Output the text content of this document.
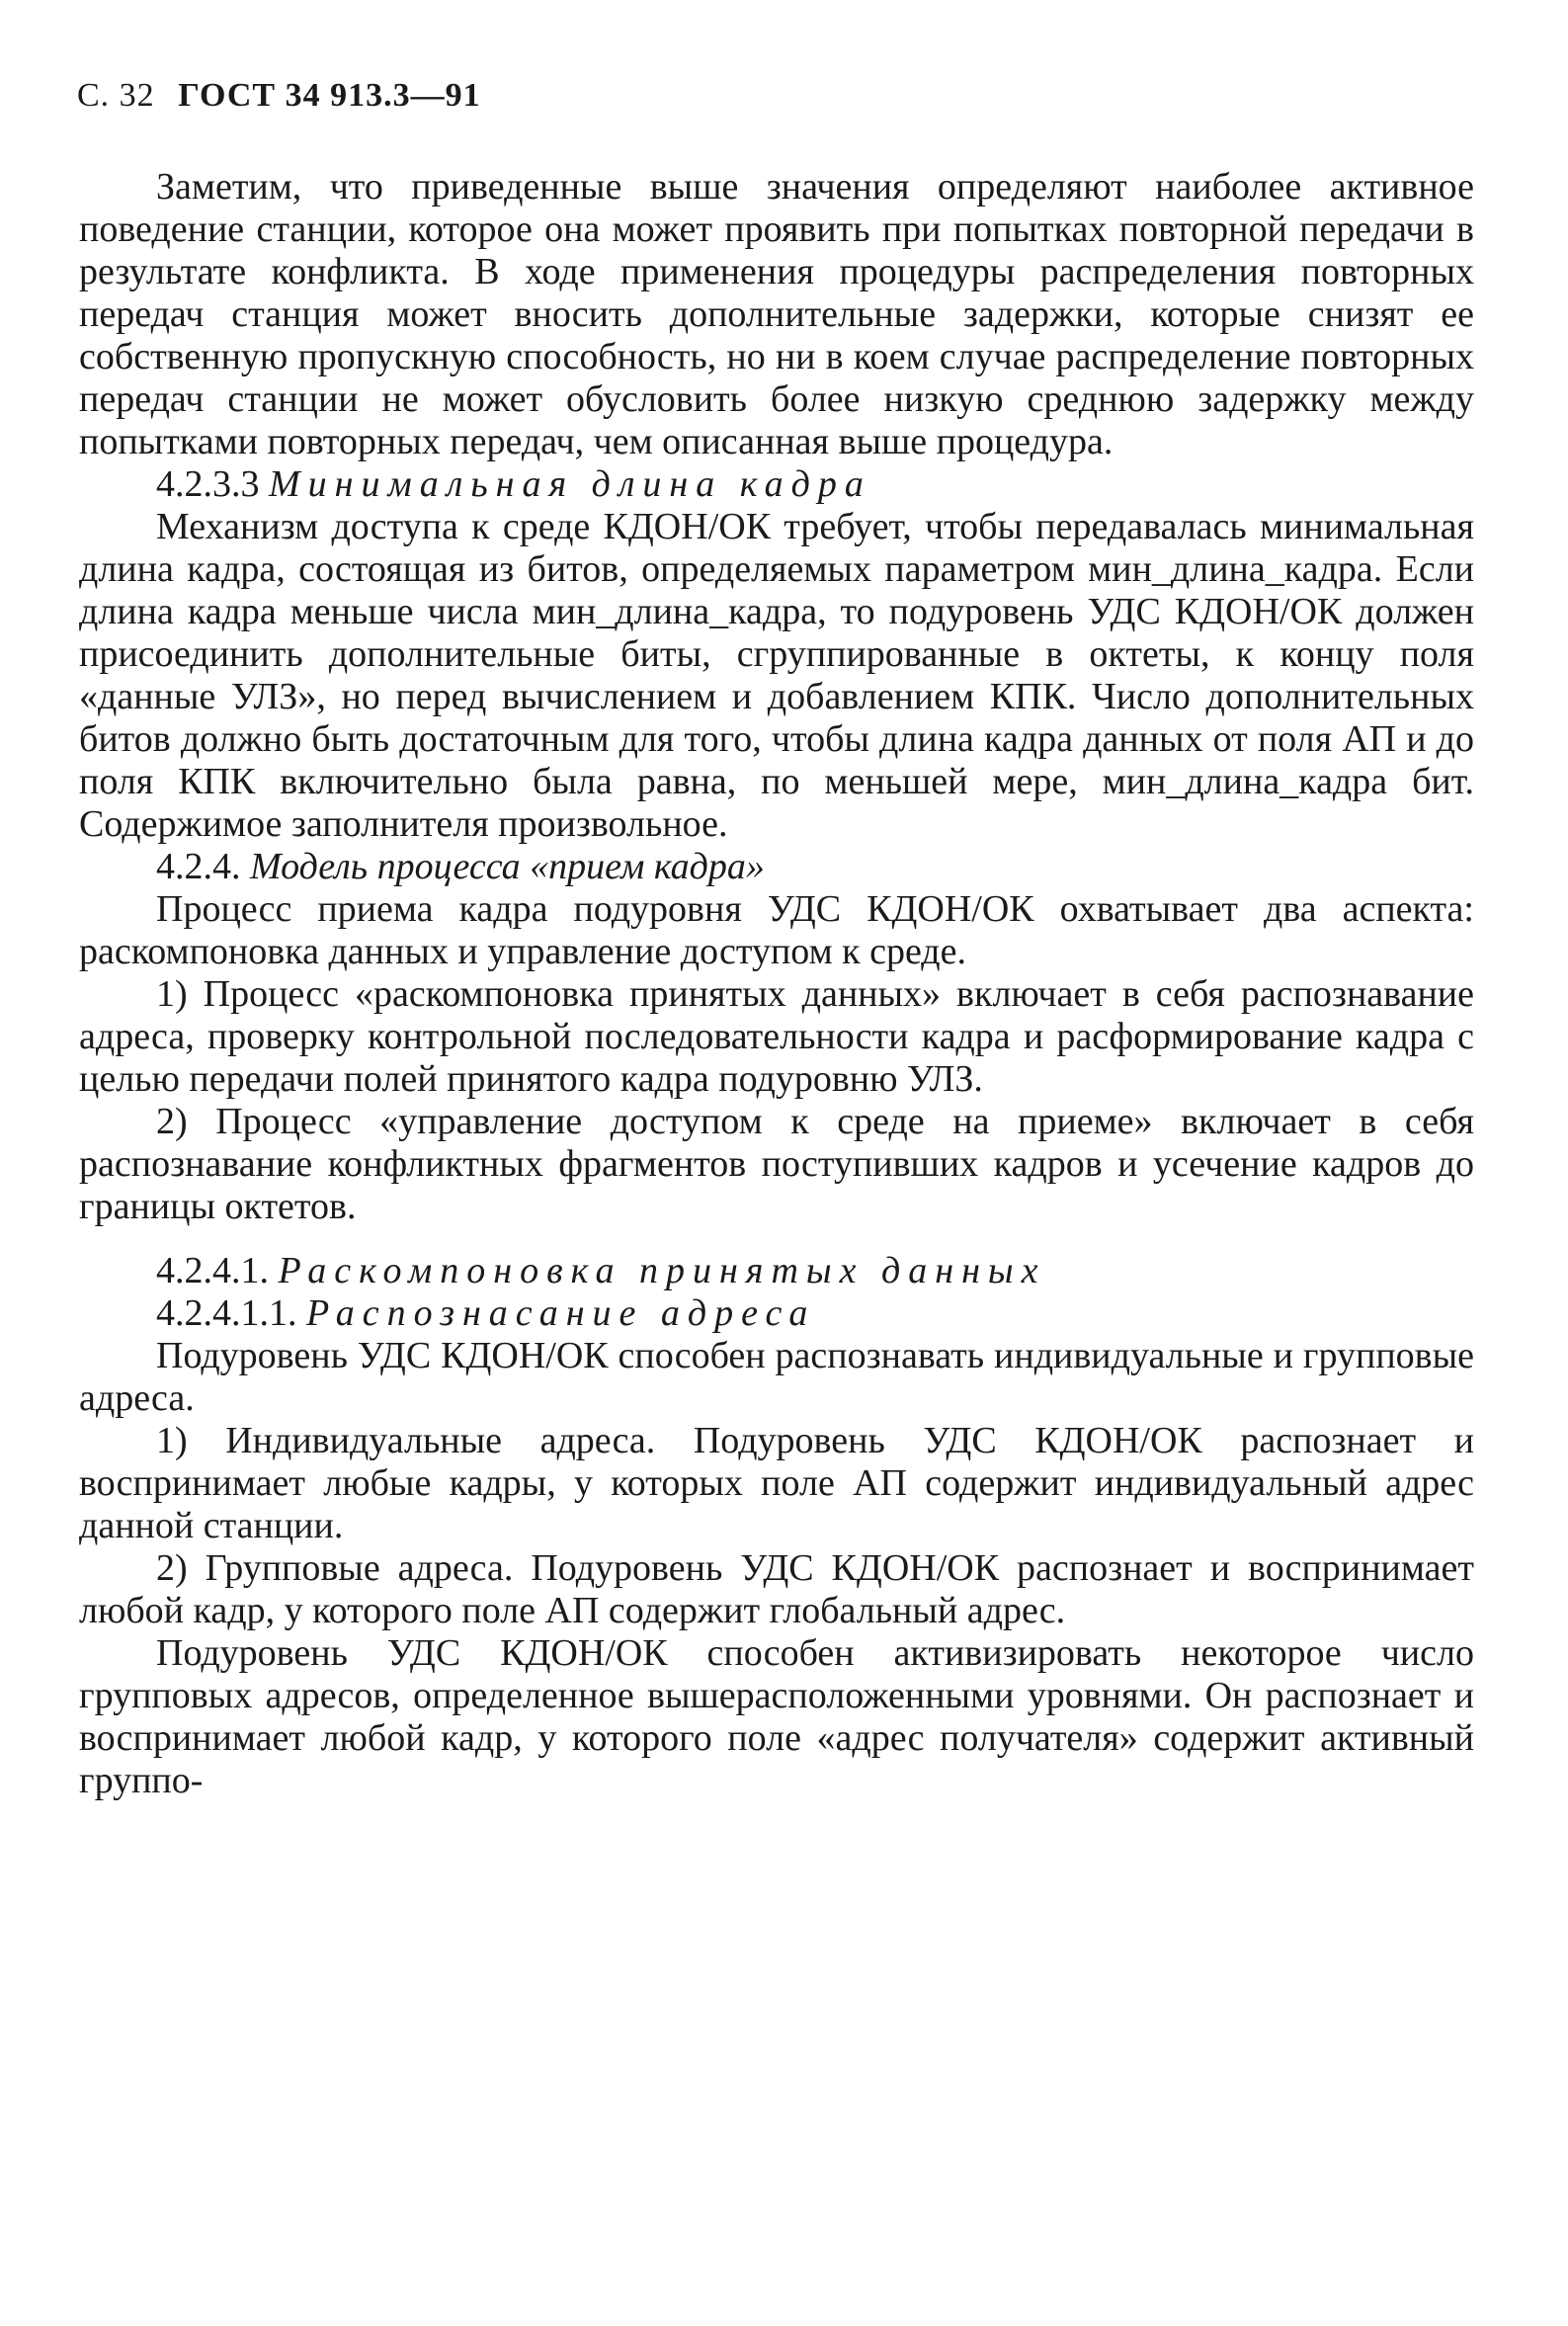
С. 32 ГОСТ 34 913.3—91

Заметим, что приведенные выше значения определяют наиболее активное поведение станции, которое она может проявить при попытках повторной передачи в результате конфликта. В ходе применения процедуры распределения повторных передач станция может вносить дополнительные задержки, которые снизят ее собственную пропускную способность, но ни в коем случае распределение повторных передач станции не может обусловить более низкую среднюю задержку между попытками повторных передач, чем описанная выше процедура.

4.2.3.3 Минимальная длина кадра

Механизм доступа к среде КДОН/ОК требует, чтобы передавалась минимальная длина кадра, состоящая из битов, определяемых параметром мин_длина_кадра. Если длина кадра меньше числа мин_длина_кадра, то подуровень УДС КДОН/ОК должен присоединить дополнительные биты, сгруппированные в октеты, к концу поля «данные УЛЗ», но перед вычислением и добавлением КПК. Число дополнительных битов должно быть достаточным для того, чтобы длина кадра данных от поля АП и до поля КПК включительно была равна, по меньшей мере, мин_длина_кадра бит. Содержимое заполнителя произвольное.

4.2.4. Модель процесса «прием кадра»

Процесс приема кадра подуровня УДС КДОН/ОК охватывает два аспекта: раскомпоновка данных и управление доступом к среде.

1) Процесс «раскомпоновка принятых данных» включает в себя распознавание адреса, проверку контрольной последовательности кадра и расформирование кадра с целью передачи полей принятого кадра подуровню УЛЗ.

2) Процесс «управление доступом к среде на приеме» включает в себя распознавание конфликтных фрагментов поступивших кадров и усечение кадров до границы октетов.

4.2.4.1. Раскомпоновка принятых данных

4.2.4.1.1. Распознасание адреса

Подуровень УДС КДОН/ОК способен распознавать индивидуальные и групповые адреса.

1) Индивидуальные адреса. Подуровень УДС КДОН/ОК распознает и воспринимает любые кадры, у которых поле АП содержит индивидуальный адрес данной станции.

2) Групповые адреса. Подуровень УДС КДОН/ОК распознает и воспринимает любой кадр, у которого поле АП содержит глобальный адрес.

Подуровень УДС КДОН/ОК способен активизировать некоторое число групповых адресов, определенное вышерасположенными уровнями. Он распознает и воспринимает любой кадр, у которого поле «адрес получателя» содержит активный группо-
